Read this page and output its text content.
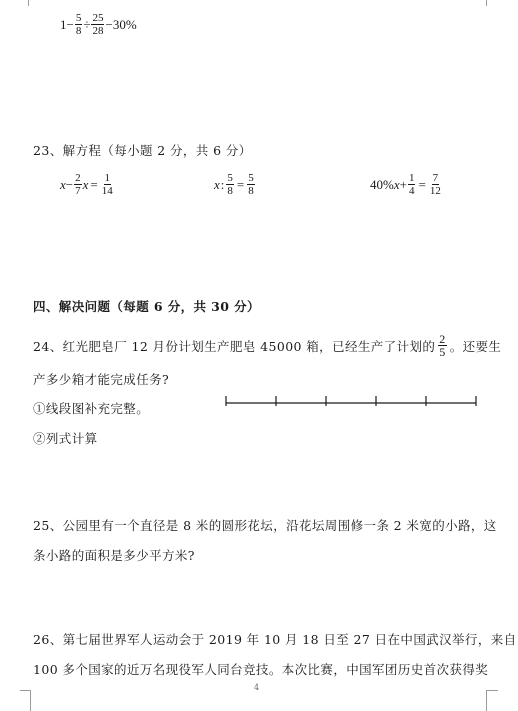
$1 - \frac{5}{8} \div \frac{25}{28} - 30\%$
23、解方程（每小题 2 分，共 6 分）
$x - \frac{2}{7}$ $x = \frac{1}{14}$	x : $\frac{5}{8} = \frac{5}{8}$	40% $x + \frac{1}{4} = \frac{7}{12}$
四、解决问题（每题 6 分，共 30 分）
24、红光肥皂厂 12 月份计划生产肥皂 45000 箱，已经生产了计划的 $\frac{2}{5}$ 。还要生
产多少箱才能完成任务?
①线段图补充完整。
②列式计算
25、公园里有一个直径是 8 米的圆形花坛，沿花坛周围修一条 2 米宽的小路，这
条小路的面积是多少平方米?
26、第七届世界军人运动会于 2019 年 10 月 18 日至 27 日在中国武汉举行，来自
100 多个国家的近万名现役军人同台竞技。本次比赛，中国军团历史首次获得奖
4
